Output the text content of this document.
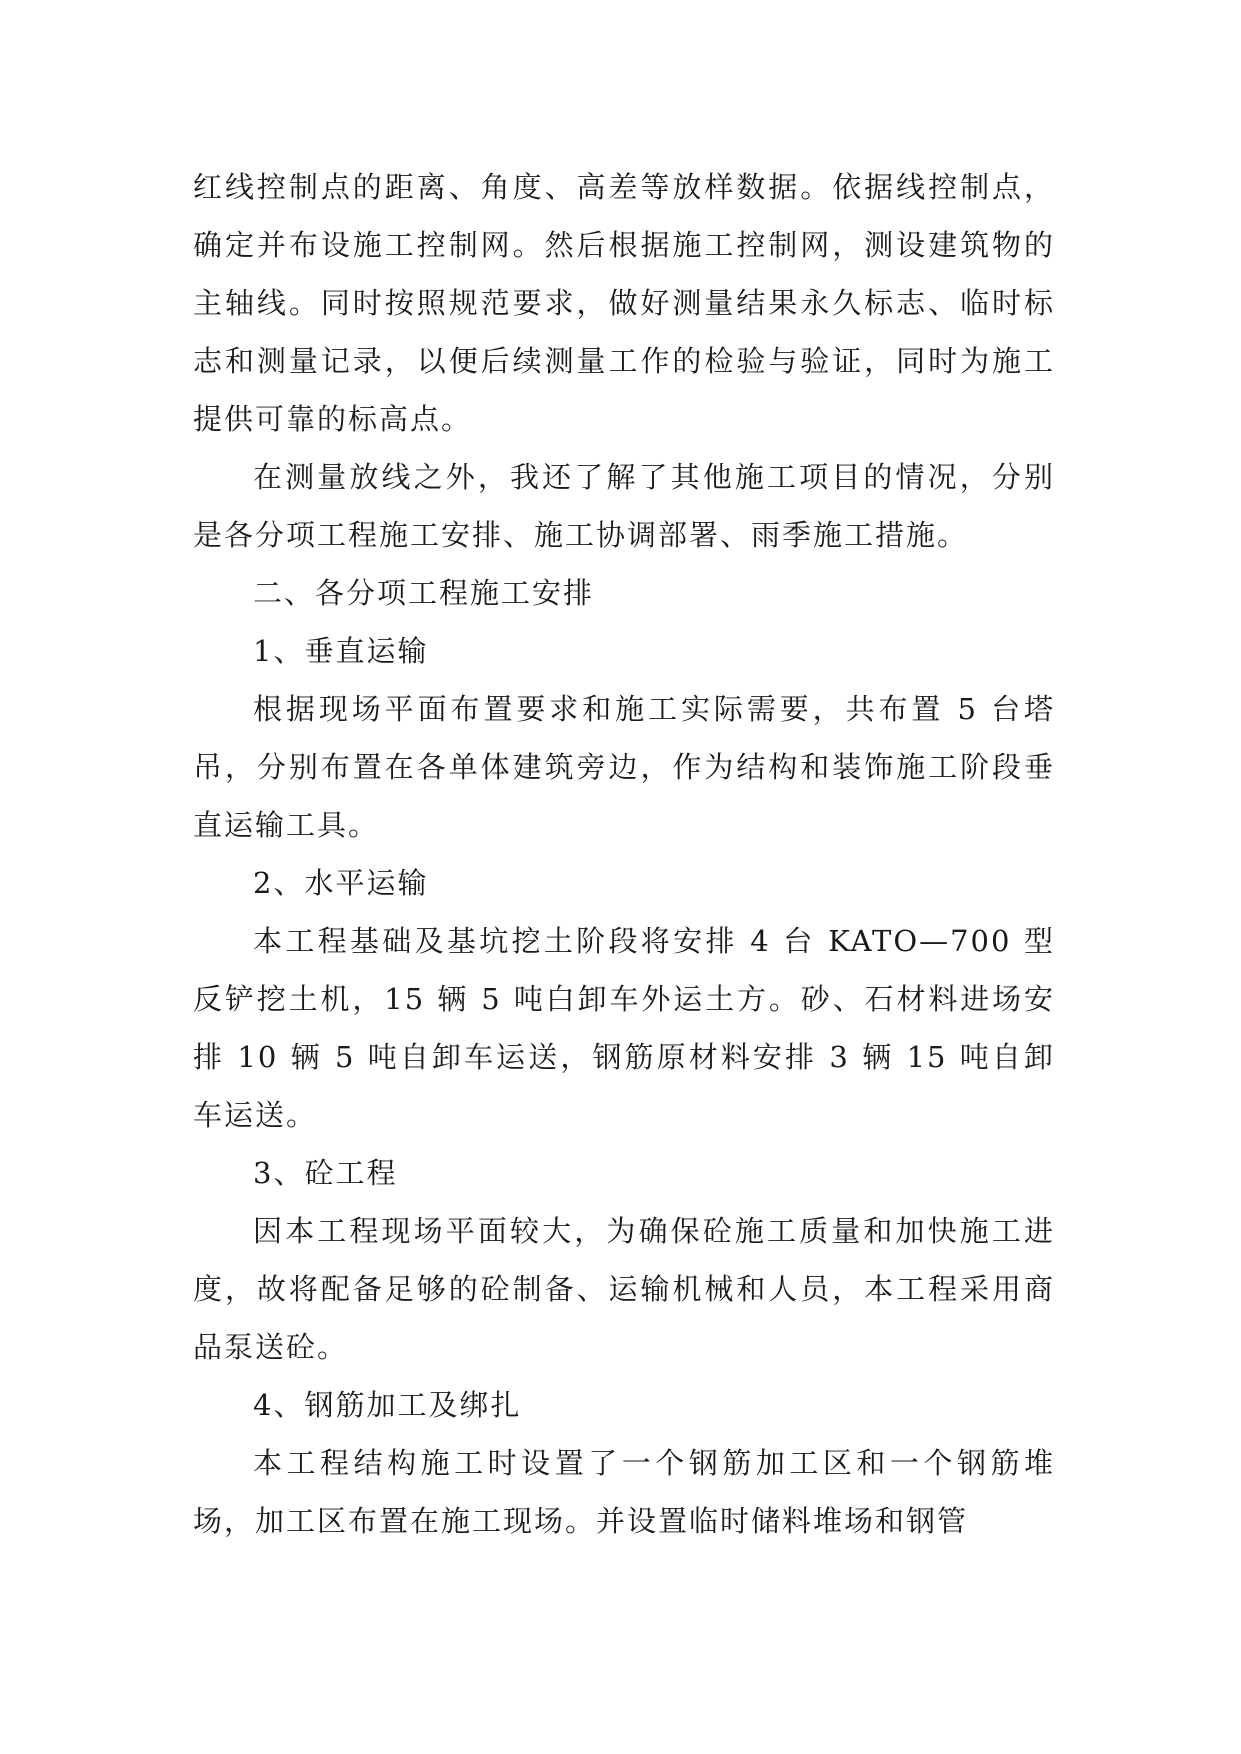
红线控制点的距离、角度、高差等放样数据。依据线控制点，确定并布设施工控制网。然后根据施工控制网，测设建筑物的主轴线。同时按照规范要求，做好测量结果永久标志、临时标志和测量记录，以便后续测量工作的检验与验证，同时为施工提供可靠的标高点。

在测量放线之外，我还了解了其他施工项目的情况，分别是各分项工程施工安排、施工协调部署、雨季施工措施。

二、各分项工程施工安排

1、垂直运输

根据现场平面布置要求和施工实际需要，共布置 5 台塔吊，分别布置在各单体建筑旁边，作为结构和装饰施工阶段垂直运输工具。

2、水平运输

本工程基础及基坑挖土阶段将安排 4 台 KATO—700 型反铲挖土机，15 辆 5 吨白卸车外运土方。砂、石材料进场安排 10 辆 5 吨自卸车运送，钢筋原材料安排 3 辆 15 吨自卸车运送。

3、砼工程

因本工程现场平面较大，为确保砼施工质量和加快施工进度，故将配备足够的砼制备、运输机械和人员，本工程采用商品泵送砼。

4、钢筋加工及绑扎

本工程结构施工时设置了一个钢筋加工区和一个钢筋堆场，加工区布置在施工现场。并设置临时储料堆场和钢管
